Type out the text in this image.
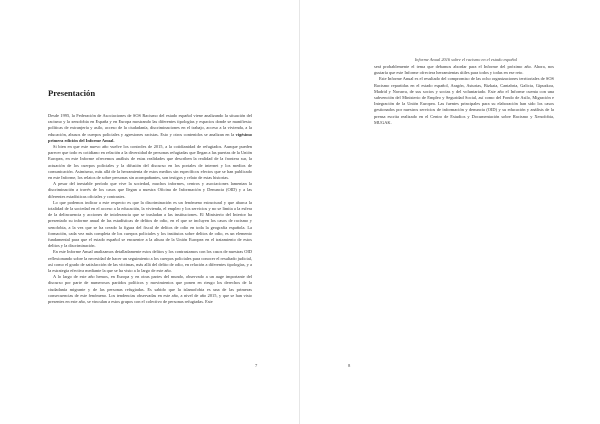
Presentación

Desde 1995, la Federación de Asociaciones de SOS Racismo del estado español viene analizando la situación del racismo y la xenofobia en España y en Europa mostrando las diferentes tipologías y espacios donde se manifiesta: políticas de extranjería y asilo, acceso de la ciudadanía, discriminaciones en el trabajo, acceso a la vivienda, a la educación, abusos de cuerpos policiales y agresiones racistas. Esto y otros contenidos se analizan en la vigésimo primera edición del Informe Anual.

Si bien en que este nuevo año vuelve los controles de 2015, a la cotidianidad de refugiados. Aunque pueden parecer que todo es cotidiano en relación a la diversidad de personas refugiadas que llegan a las puertas de la Unión Europea, en este Informe ofrecemos análisis de estas realidades que describen la realidad de la frontera sur, la actuación de los cuerpos policiales y la difusión del discurso en los portales de internet y los medios de comunicación. Asimismo, más allá de la herramienta de estos medios sin específicos efectos que se han publicado en este Informe, los relatos de sobre personas sin acompañantes, son testigos y relato de estas historias.

A pesar del inestable período que vive la sociedad, muchos informes, centros y asociaciones lamentan la discriminación a través de los casos que llegan a nuestra Oficina de Información y Denuncia (OID) y a las diferentes estadísticas oficiales y contrastes.

Lo que podemos indicar a este respecto es que la discriminación es un fenómeno estructural y que abarca la totalidad de la sociedad en el acceso a la educación, la vivienda, el empleo y los servicios y no se limita a la esfera de la delincuencia y acciones de intolerancia que se trasladan a las instituciones. El Ministerio del Interior ha presentado su informe anual de las estadísticas de delitos de odio, en el que se incluyen los casos de racismo y xenofobia, a la vez que se ha creado la figura del fiscal de delitos de odio en toda la geografía española. La formación, cada vez más completa de los cuerpos policiales y los institutos sobre delitos de odio, es un elemento fundamental para que el estado español se encuentre a la altura de la Unión Europea en el tratamiento de estos delitos y la discriminación.

En este Informe Anual analizamos detalladamente estos delitos y los contrastamos con los casos de nuestras OID reflexionando sobre la necesidad de hacer un seguimiento a los cuerpos policiales para conocer el resultado judicial, así como el grado de satisfacción de las víctimas, más allá del delito de odio, en relación a diferentes tipologías, y a la estrategia efectiva mediante la que se ha visto a lo largo de este año.

A lo largo de este año hemos, en Europa y en otras partes del mundo, observado a un auge importante del discurso por parte de numerosos partidos políticos y movimientos que ponen en riesgo los derechos de la ciudadanía migrante y de las personas refugiadas. Es sabido que la islamofobia es una de las primeras consecuencias de este fenómeno. Los tendencias observadas en este año, a nivel de año 2015, y que se han visto presentes en este año, se vinculan a estos grupos con el colectivo de personas refugiadas. Este

7
Informe Anual 2016 sobre el racismo en el estado español

será probablemente el tema que debamos abordar para el Informe del próximo año. Ahora, nos gustaría que este Informe ofreciera herramientas útiles para todos y todas en ese reto.

Este Informe Anual es el resultado del compromiso de las ocho organizaciones territoriales de SOS Racismo repartidas en el estado español, Aragón, Asturias, Bizkaia, Cantabria, Galicia, Gipuzkoa, Madrid y Navarra, de sus socios y socias y del voluntariado. Este año el Informe cuenta con una subvención del Ministerio de Empleo y Seguridad Social, así como del Fondo de Asilo, Migración e Integración de la Unión Europea. Las fuentes principales para su elaboración han sido los casos gestionados por nuestros servicios de información y denuncia (OID) y su educación y análisis de la prensa escrita realizado en el Centro de Estudios y Documentación sobre Racismo y Xenofobia, MUGAK.

8
